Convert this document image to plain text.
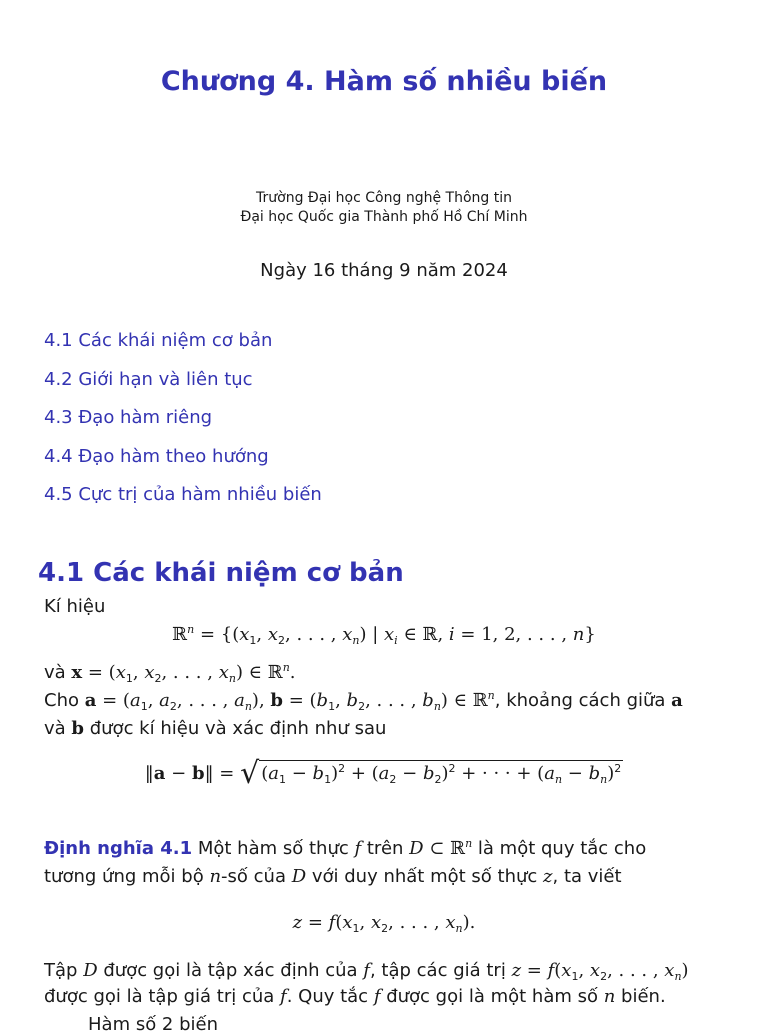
Chương 4. Hàm số nhiều biến
Trường Đại học Công nghệ Thông tin
Đại học Quốc gia Thành phố Hồ Chí Minh
Ngày 16 tháng 9 năm 2024
4.1 Các khái niệm cơ bản
4.2 Giới hạn và liên tục
4.3 Đạo hàm riêng
4.4 Đạo hàm theo hướng
4.5 Cực trị của hàm nhiều biến
4.1 Các khái niệm cơ bản
Kí hiệu
ℝ$^n$ = {($x_1$, $x_2$, . . . , $x_n$) | $x_i$ ∈ ℝ, i = 1, 2, . . . , n}
và $x = (x_1$, $x_2$, . . . , $x_n$) ∈ ℝ$^n$.
Cho $a = (a_1$, $a_2$, . . . , $a_n$), $b = (b_1$, $b_2$, . . . , $b_n$) ∈ ℝ$^n$, khoảng cách giữa a
và b được kí hiệu và xác định như sau
‖a − b‖ = √ $(a_1 - b_1)^2 + (a_2 - b_2)^2$ + · · · + $(a_n - b_n)^2$
Định nghĩa 4.1 Một hàm số thực f trên D ⊂ ℝ$^n$ là một quy tắc cho
tương ứng mỗi bộ n-số của D với duy nhất một số thực z, ta viết
$z = f(x_1$, $x_2$, . . . , $x_n$).
Tập D được gọi là tập xác định của f, tập các giá trị $z = f(x_1$, $x_2$, . . . , $x_n$)
được gọi là tập giá trị của f. Quy tắc f được gọi là một hàm số n biến.
Hàm số 2 biến
